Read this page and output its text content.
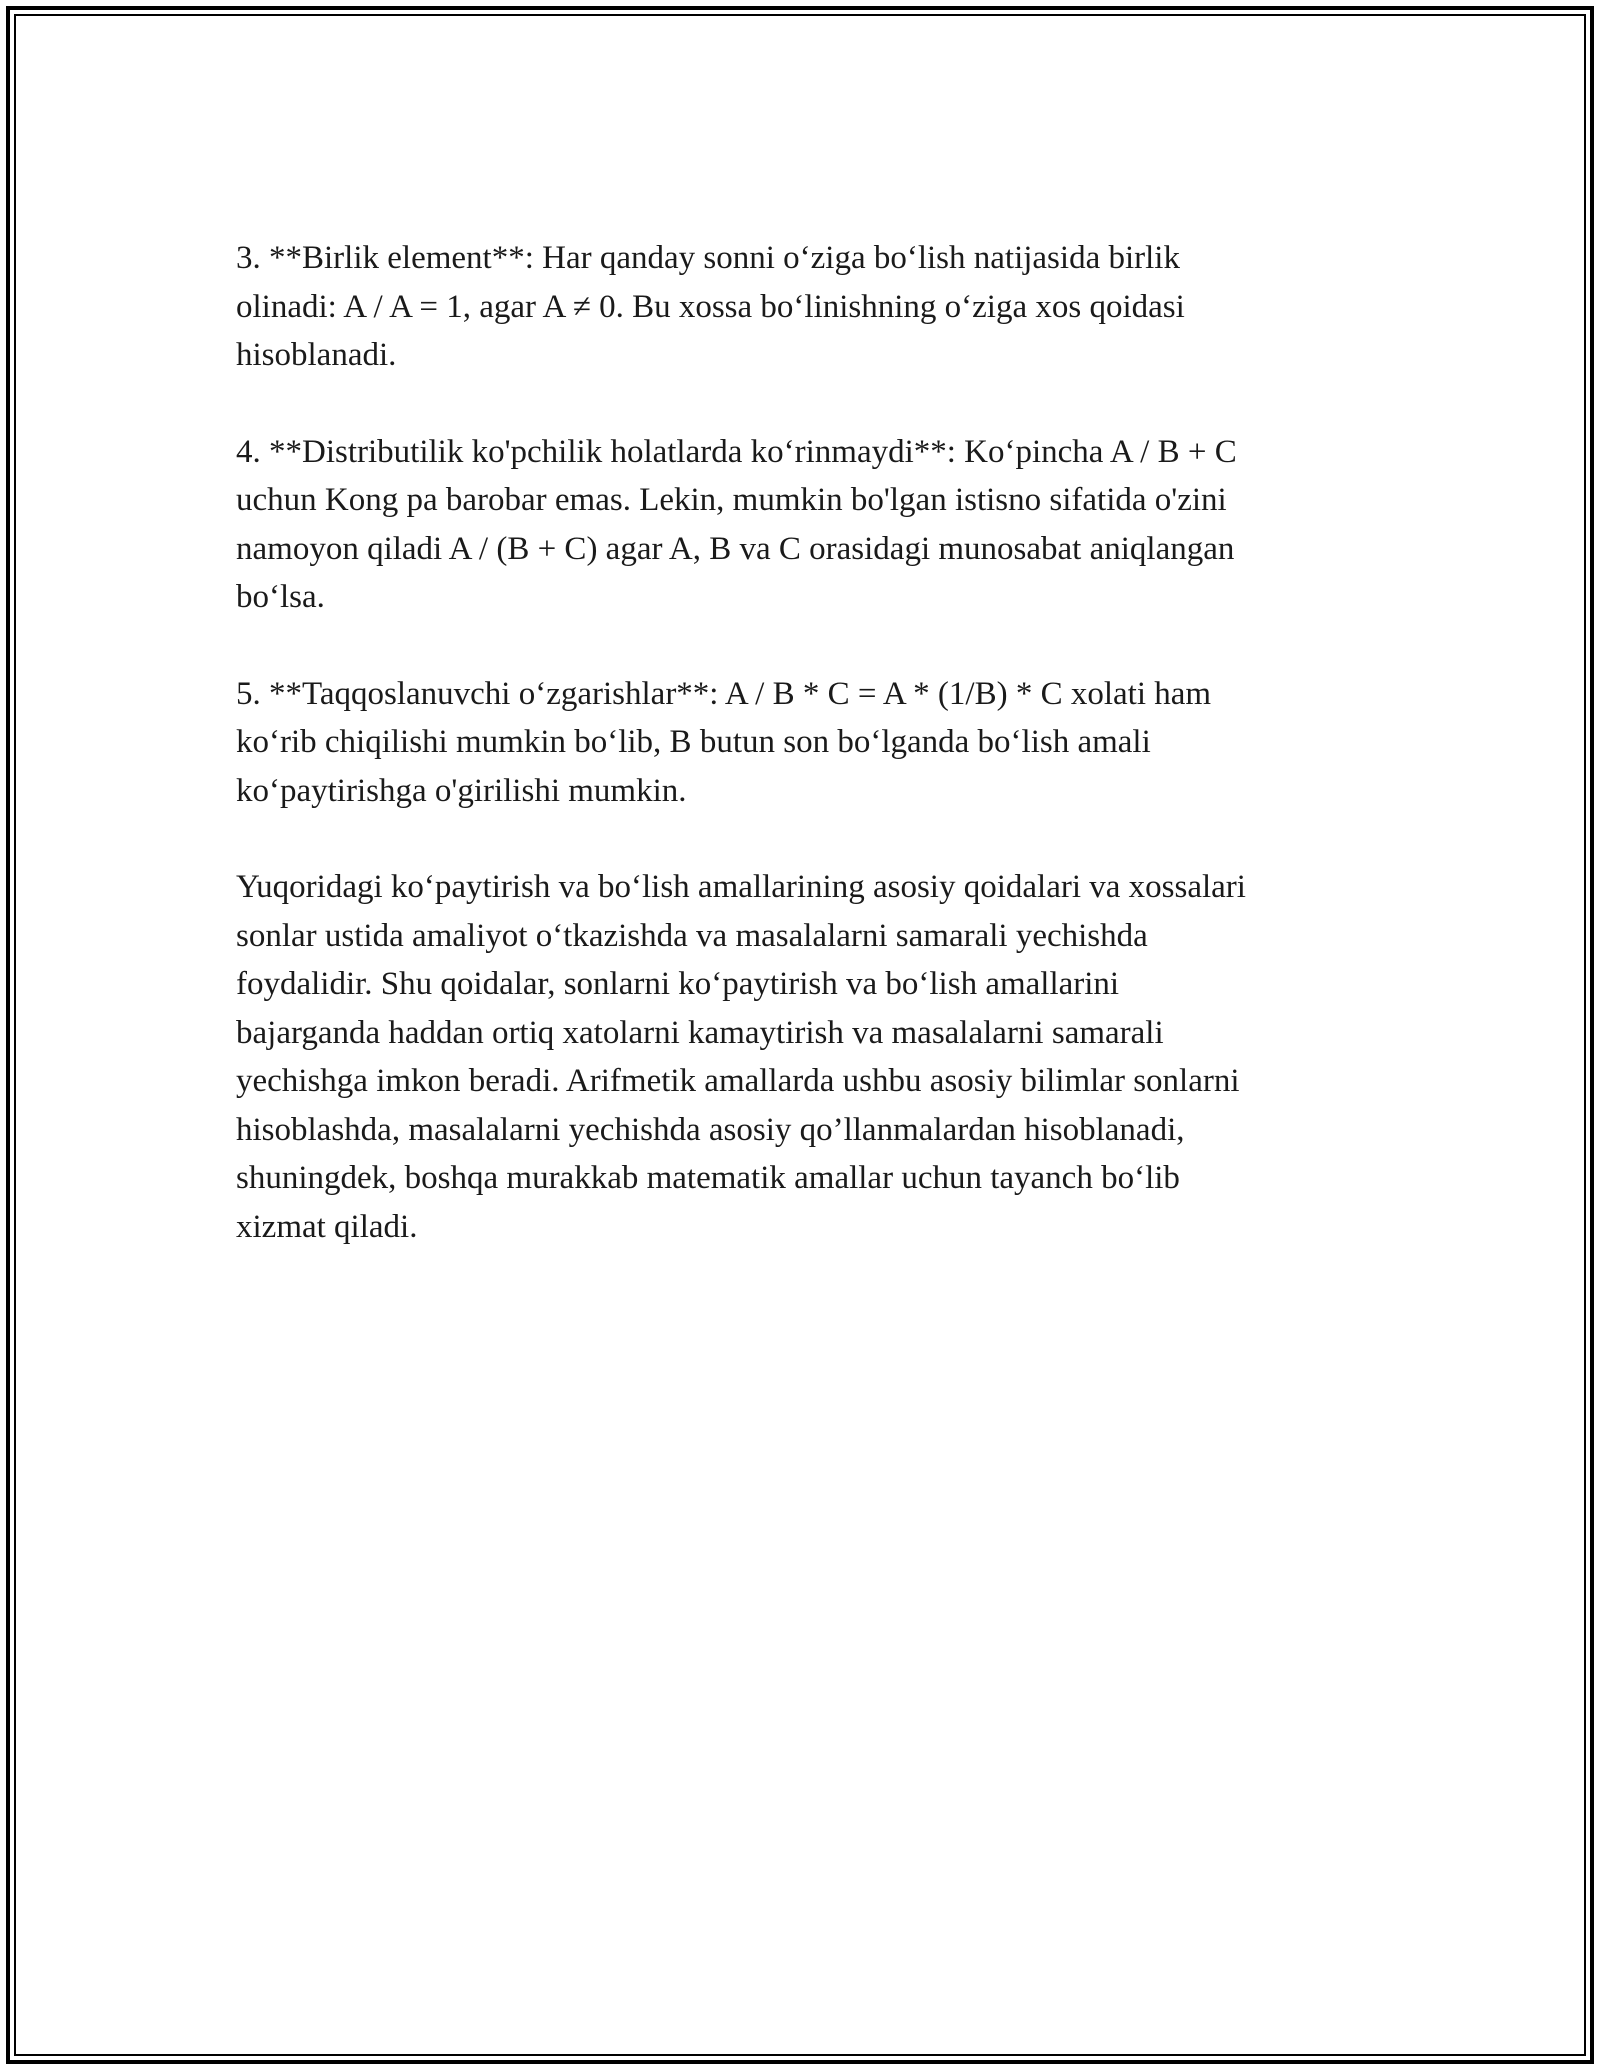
3. **Birlik element**: Har qanday sonni o‘ziga bo‘lish natijasida birlik
olinadi: A / A = 1, agar A ≠ 0. Bu xossa bo‘linishning o‘ziga xos qoidasi
hisoblanadi.

4. **Distributilik ko'pchilik holatlarda ko‘rinmaydi**: Ko‘pincha A / B + C
uchun Kong pa barobar emas. Lekin, mumkin bo'lgan istisno sifatida o'zini
namoyon qiladi A / (B + C) agar A, B va C orasidagi munosabat aniqlangan
bo‘lsa.

5. **Taqqoslanuvchi o‘zgarishlar**: A / B * C = A * (1/B) * C xolati ham
ko‘rib chiqilishi mumkin bo‘lib, B butun son bo‘lganda bo‘lish amali
ko‘paytirishga o'girilishi mumkin.

Yuqoridagi ko‘paytirish va bo‘lish amallarining asosiy qoidalari va xossalari
sonlar ustida amaliyot o‘tkazishda va masalalarni samarali yechishda
foydalidir. Shu qoidalar, sonlarni ko‘paytirish va bo‘lish amallarini
bajarganda haddan ortiq xatolarni kamaytirish va masalalarni samarali
yechishga imkon beradi. Arifmetik amallarda ushbu asosiy bilimlar sonlarni
hisoblashda, masalalarni yechishda asosiy qo’llanmalardan hisoblanadi,
shuningdek, boshqa murakkab matematik amallar uchun tayanch bo‘lib
xizmat qiladi.
